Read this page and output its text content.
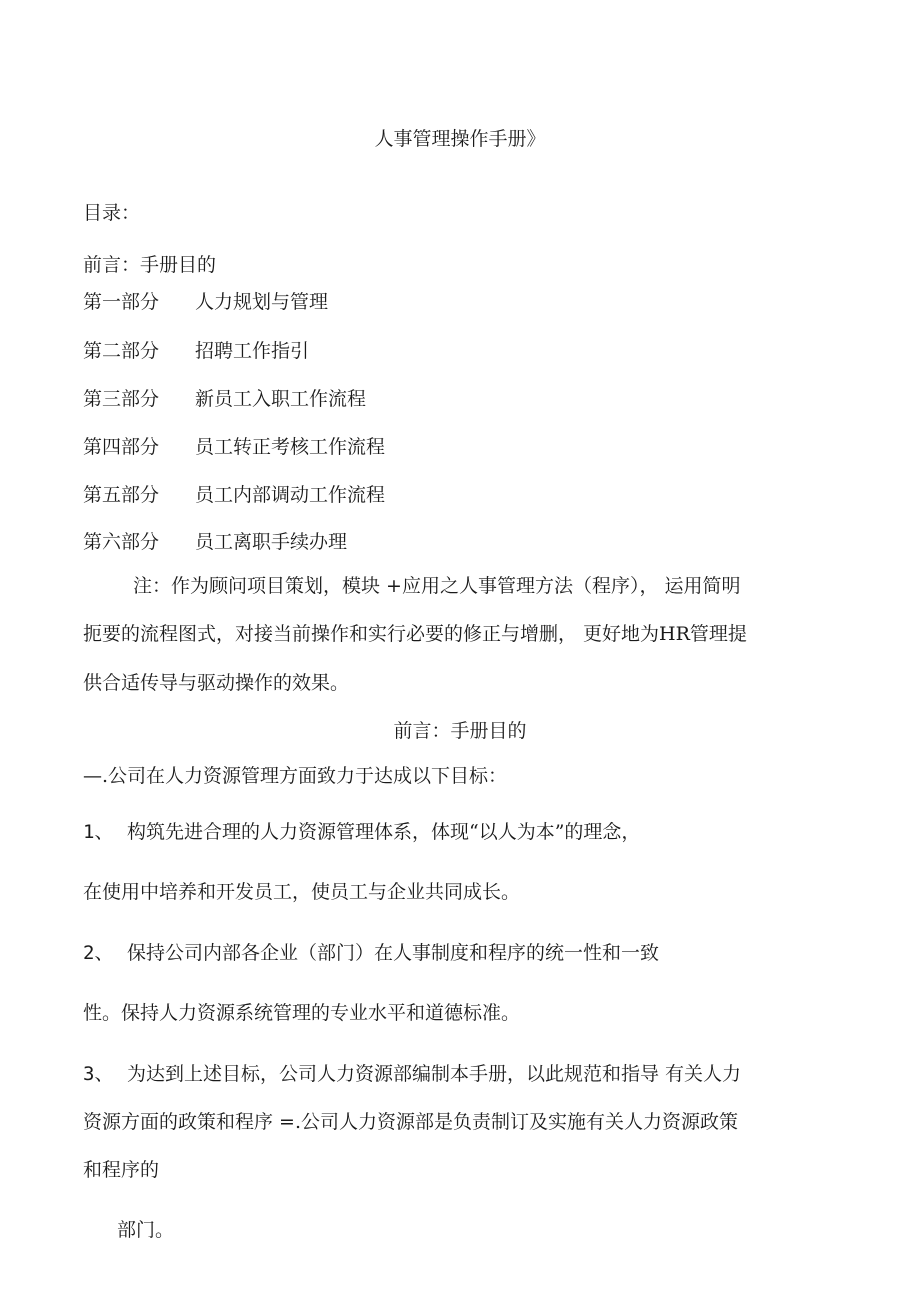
人事管理操作手册》
目录：
前言：手册目的
第一部分 人力规划与管理
第二部分 招聘工作指引
第三部分 新员工入职工作流程
第四部分 员工转正考核工作流程
第五部分 员工内部调动工作流程
第六部分 员工离职手续办理
注：作为顾问项目策划，模块 +应用之人事管理方法（程序）， 运用简明
扼要的流程图式，对接当前操作和实行必要的修正与增删， 更好地为HR管理提
供合适传导与驱动操作的效果。
前言：手册目的
—.公司在人力资源管理方面致力于达成以下目标：
1、 构筑先进合理的人力资源管理体系，体现“以人为本”的理念，
在使用中培养和开发员工，使员工与企业共同成长。
2、 保持公司内部各企业（部门）在人事制度和程序的统一性和一致
性。保持人力资源系统管理的专业水平和道德标准。
3、 为达到上述目标，公司人力资源部编制本手册，以此规范和指导 有关人力
资源方面的政策和程序 =.公司人力资源部是负责制订及实施有关人力资源政策
和程序的
部门。
